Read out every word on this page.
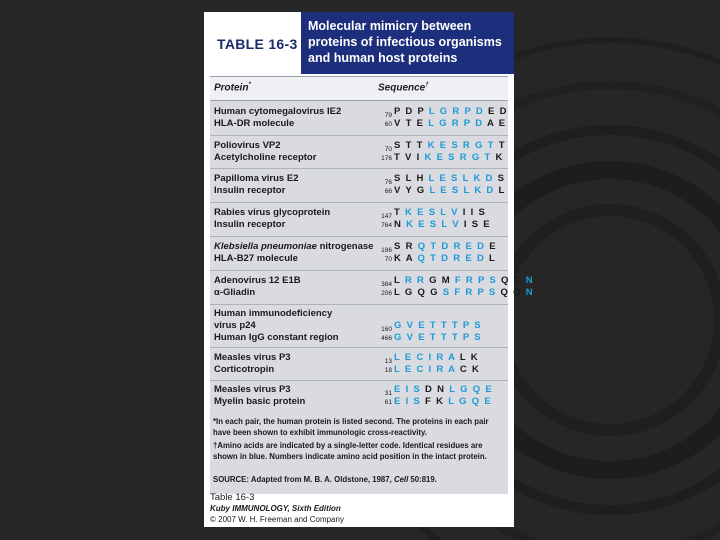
TABLE 16-3
Molecular mimicry between
proteins of infectious organisms
and human host proteins
Protein*	Sequence†
Human cytomegalovirus IE2
HLA-DR molecule
79 P D P L G R P D E D
60 V T E L G R P D A E
Poliovirus VP2
Acetylcholine receptor
70 S T T K E S R G T T
176 T V I K E S R G T K
Papilloma virus E2
Insulin receptor
76 S L H L E S L K D S
66 V Y G L E S L K D L
Rabies virus glycoprotein
Insulin receptor
147 T K E S L V I I S
764 N K E S L V I S E
Klebsiella pneumoniae nitrogenase
HLA-B27 molecule
186 S R Q T D R E D E
70 K A Q T D R E D L
Adenovirus 12 E1B
α-Gliadin
384 L R R G M F R P S Q C N
206 L G Q G S F R P S Q Q N
Human immunodeficiency
virus p24
Human IgG constant region
160 G V E T T T P S
466 G V E T T T P S
Measles virus P3
Corticotropin
13 L E C I R A L K
18 L E C I R A C K
Measles virus P3
Myelin basic protein
31 E I S D N L G Q E
61 E I S F K L G Q E
*In each pair, the human protein is listed second. The proteins in each pair have been shown to exhibit immunologic cross-reactivity.
†Amino acids are indicated by a single-letter code. Identical residues are shown in blue. Numbers indicate amino acid position in the intact protein.
SOURCE: Adapted from M. B. A. Oldstone, 1987, Cell 50:819.
Table 16-3
Kuby IMMUNOLOGY, Sixth Edition
© 2007 W. H. Freeman and Company
